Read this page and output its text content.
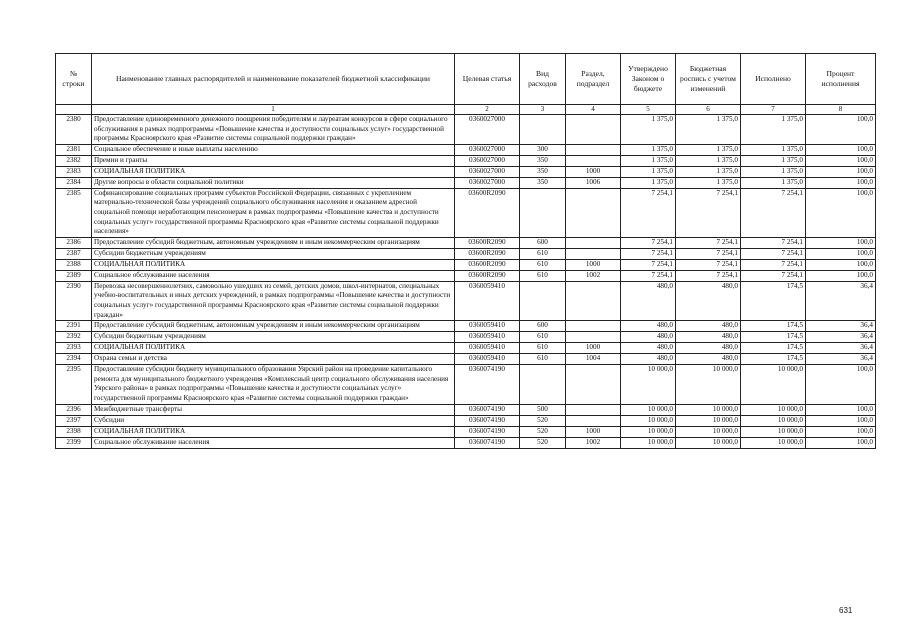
№ строки	Наименование главных распорядителей и наименование показателей бюджетной классификации	Целевая статья	Вид расходов	Раздел, подраздел	Утверждено Законом о бюджете	Бюджетная роспись с учетом изменений	Исполнено	Процент исполнения
	1	2	3	4	5	6	7	8
2380	Предоставление единовременного денежного поощрения победителям и лауреатам конкурсов в сфере социального обслуживания в рамках подпрограммы «Повышение качества и доступности социальных услуг» государственной программы Красноярского края «Развитие системы социальной поддержки граждан»	0360027000			1 375,0	1 375,0	1 375,0	100,0
2381	Социальное обеспечение и иные выплаты населению	0360027000	300		1 375,0	1 375,0	1 375,0	100,0
2382	Премии и гранты	0360027000	350		1 375,0	1 375,0	1 375,0	100,0
2383	СОЦИАЛЬНАЯ ПОЛИТИКА	0360027000	350	1000	1 375,0	1 375,0	1 375,0	100,0
2384	Другие вопросы в области социальной политики	0360027000	350	1006	1 375,0	1 375,0	1 375,0	100,0
2385	Софинансирование социальных программ субъектов Российской Федерации, связанных с укреплением материально-технической базы учреждений социального обслуживания населения и оказанием адресной социальной помощи неработающим пенсионерам в рамках подпрограммы «Повышение качества и доступности социальных услуг» государственной программы Красноярского края «Развитие системы социальной поддержки населения»	03600R2090			7 254,1	7 254,1	7 254,1	100,0
2386	Предоставление субсидий бюджетным, автономным учреждениям и иным некоммерческим организациям	03600R2090	600		7 254,1	7 254,1	7 254,1	100,0
2387	Субсидии бюджетным учреждениям	03600R2090	610		7 254,1	7 254,1	7 254,1	100,0
2388	СОЦИАЛЬНАЯ ПОЛИТИКА	03600R2090	610	1000	7 254,1	7 254,1	7 254,1	100,0
2389	Социальное обслуживание населения	03600R2090	610	1002	7 254,1	7 254,1	7 254,1	100,0
2390	Перевозка несовершеннолетних, самовольно ушедших из семей, детских домов, школ-интернатов, специальных учебно-воспитательных и иных детских учреждений, в рамках подпрограммы «Повышение качества и доступности социальных услуг» государственной программы Красноярского края «Развитие системы социальной поддержки граждан»	0360059410			480,0	480,0	174,5	36,4
2391	Предоставление субсидий бюджетным, автономным учреждениям и иным некоммерческим организациям	0360059410	600		480,0	480,0	174,5	36,4
2392	Субсидии бюджетным учреждениям	0360059410	610		480,0	480,0	174,5	36,4
2393	СОЦИАЛЬНАЯ ПОЛИТИКА	0360059410	610	1000	480,0	480,0	174,5	36,4
2394	Охрана семьи и детства	0360059410	610	1004	480,0	480,0	174,5	36,4
2395	Предоставление субсидии бюджету муниципального образования Уярский район на проведение капитального ремонта для муниципального бюджетного учреждения «Комплексный центр социального обслуживания населения Уярского района» в рамках подпрограммы «Повышение качества и доступности социальных услуг» государственной программы Красноярского края «Развитие системы социальной поддержки граждан»	0360074190			10 000,0	10 000,0	10 000,0	100,0
2396	Межбюджетные трансферты	0360074190	500		10 000,0	10 000,0	10 000,0	100,0
2397	Субсидии	0360074190	520		10 000,0	10 000,0	10 000,0	100,0
2398	СОЦИАЛЬНАЯ ПОЛИТИКА	0360074190	520	1000	10 000,0	10 000,0	10 000,0	100,0
2399	Социальное обслуживание населения	0360074190	520	1002	10 000,0	10 000,0	10 000,0	100,0
631
